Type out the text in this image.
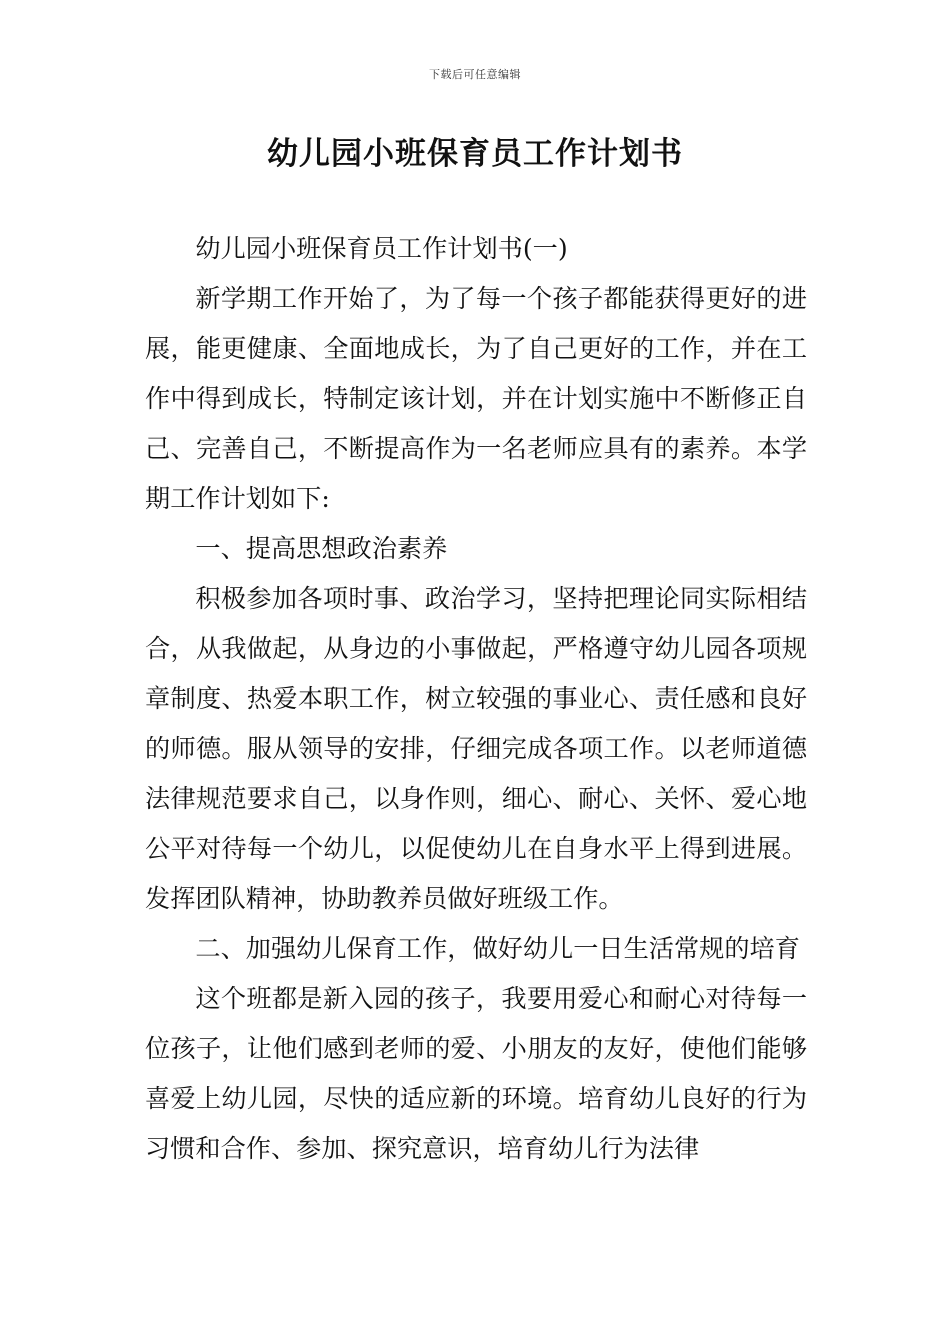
下载后可任意编辑
幼儿园小班保育员工作计划书

幼儿园小班保育员工作计划书(一)

新学期工作开始了，为了每一个孩子都能获得更好的进展，能更健康、全面地成长，为了自己更好的工作，并在工作中得到成长，特制定该计划，并在计划实施中不断修正自己、完善自己，不断提高作为一名老师应具有的素养。本学期工作计划如下:

一、提高思想政治素养

积极参加各项时事、政治学习，坚持把理论同实际相结合，从我做起，从身边的小事做起，严格遵守幼儿园各项规章制度、热爱本职工作，树立较强的事业心、责任感和良好的师德。服从领导的安排，仔细完成各项工作。以老师道德法律规范要求自己，以身作则，细心、耐心、关怀、爱心地公平对待每一个幼儿，以促使幼儿在自身水平上得到进展。发挥团队精神，协助教养员做好班级工作。

二、加强幼儿保育工作，做好幼儿一日生活常规的培育

这个班都是新入园的孩子，我要用爱心和耐心对待每一位孩子，让他们感到老师的爱、小朋友的友好，使他们能够喜爱上幼儿园，尽快的适应新的环境。培育幼儿良好的行为习惯和合作、参加、探究意识，培育幼儿行为法律
